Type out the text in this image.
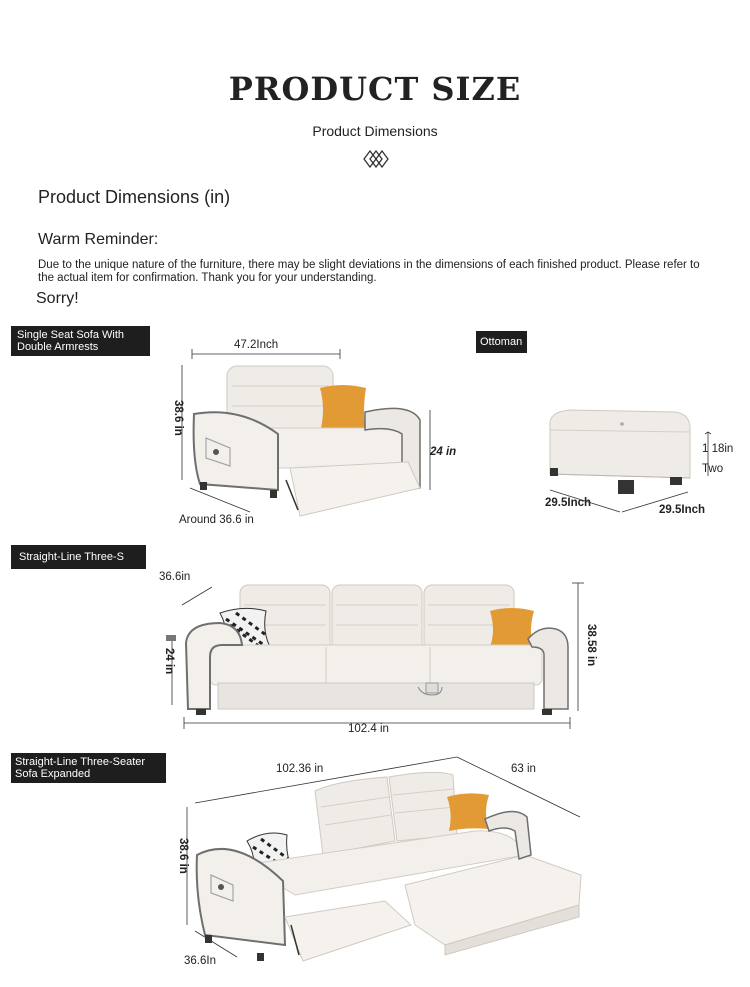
PRODUCT SIZE
Product Dimensions
Product Dimensions (in)
Warm Reminder:
Due to the unique nature of the furniture, there may be slight deviations in the dimensions of each finished product. Please refer to the actual item for confirmation. Thank you for your understanding.
Sorry!
Single Seat Sofa With Double Armrests	47.2Inch
38.6 in
24 in
Around 36.6 in
Ottoman
1 18in
Two
29.5Inch
29.5Inch
Straight-Line Three-S
36.6in
24 in
102.4 in
38.58 in
Straight-Line Three-Seater Sofa Expanded	102.36 in	63 in
38.6 in
36.6In
